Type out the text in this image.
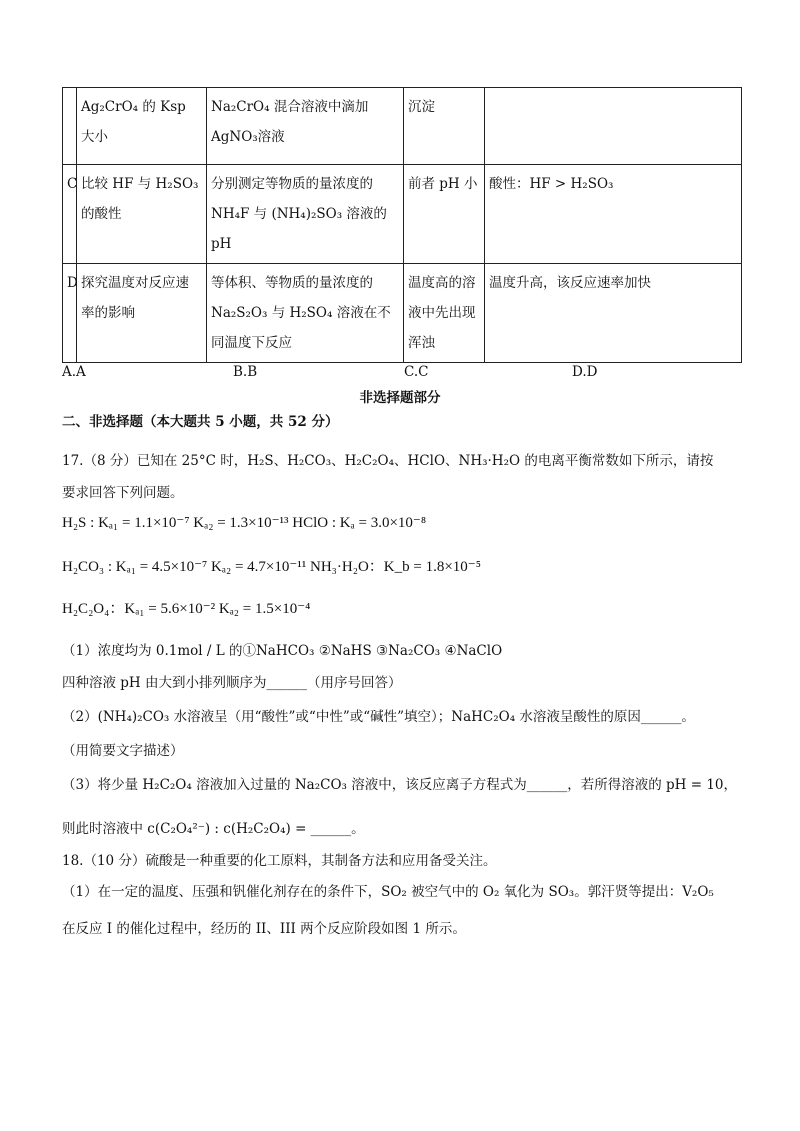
	Ag₂CrO₄ 的 Ksp 大小	Na₂CrO₄ 混合溶液中滴加 AgNO₃溶液	沉淀	
C	比较 HF 与 H₂SO₃ 的酸性	分别测定等物质的量浓度的 NH₄F 与 (NH₄)₂SO₃ 溶液的 pH	前者 pH 小	酸性：HF > H₂SO₃
D	探究温度对反应速率的影响	等体积、等物质的量浓度的 Na₂S₂O₃ 与 H₂SO₄ 溶液在不同温度下反应	温度高的溶液中先出现浑浊	温度升高，该反应速率加快
A.A	B.B	C.C	D.D
非选择题部分
二、非选择题（本大题共 5 小题，共 52 分）
17.（8 分）已知在 25°C 时，H₂S、H₂CO₃、H₂C₂O₄、HClO、NH₃·H₂O 的电离平衡常数如下所示，请按
要求回答下列问题。
H₂S : Kₐ₁ = 1.1×10⁻⁷ Kₐ₂ = 1.3×10⁻¹³ HClO : Kₐ = 3.0×10⁻⁸
H₂CO₃ : Kₐ₁ = 4.5×10⁻⁷ Kₐ₂ = 4.7×10⁻¹¹ NH₃·H₂O：K_b = 1.8×10⁻⁵
H₂C₂O₄：Kₐ₁ = 5.6×10⁻² Kₐ₂ = 1.5×10⁻⁴
（1）浓度均为 0.1mol / L 的①NaHCO₃ ②NaHS ③Na₂CO₃ ④NaClO
四种溶液 pH 由大到小排列顺序为______（用序号回答）
（2）(NH₄)₂CO₃ 水溶液呈（用“酸性”或“中性”或“碱性”填空）；NaHC₂O₄ 水溶液呈酸性的原因______。
（用简要文字描述）
（3）将少量 H₂C₂O₄ 溶液加入过量的 Na₂CO₃ 溶液中，该反应离子方程式为______，若所得溶液的 pH = 10，
则此时溶液中 c(C₂O₄²⁻) : c(H₂C₂O₄) = ______。
18.（10 分）硫酸是一种重要的化工原料，其制备方法和应用备受关注。
（1）在一定的温度、压强和钒催化剂存在的条件下，SO₂ 被空气中的 O₂ 氧化为 SO₃。郭汗贤等提出：V₂O₅
在反应 I 的催化过程中，经历的 II、III 两个反应阶段如图 1 所示。
